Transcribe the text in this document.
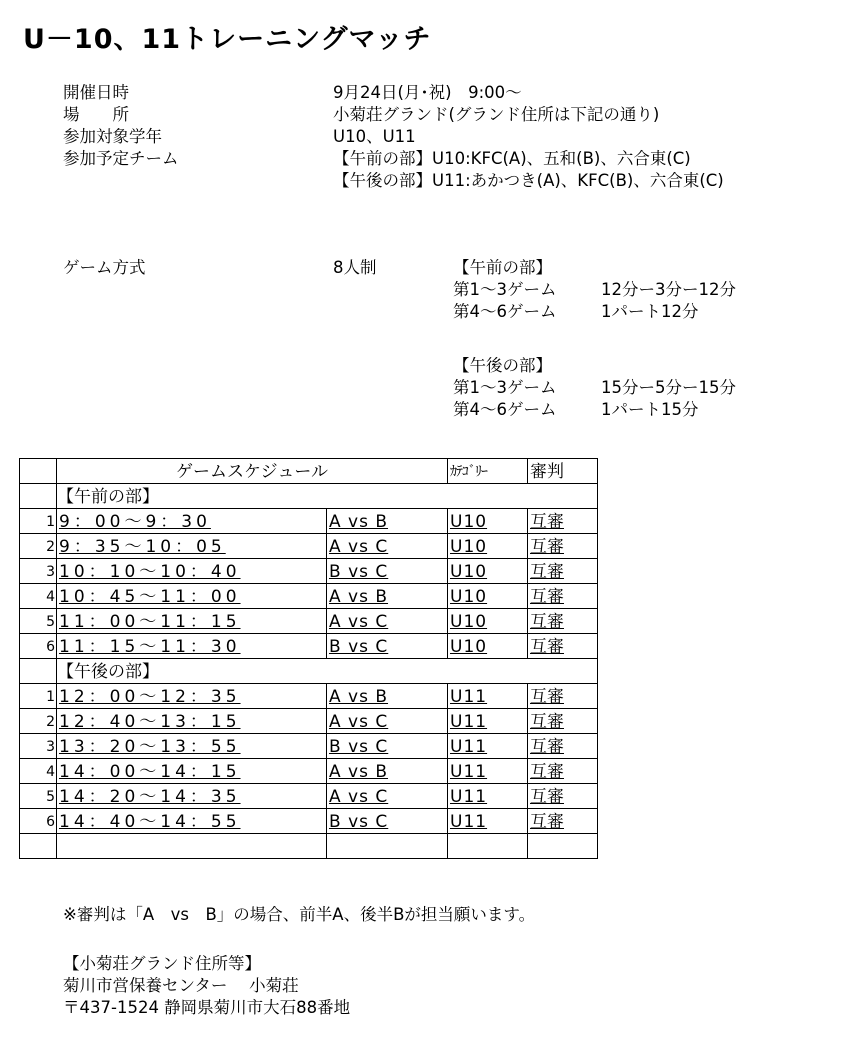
U－10、11トレーニングマッチ
開催日時	9月24日(月･祝)　9:00～
場　　所	小菊荘グランド(グランド住所は下記の通り)
参加対象学年	U10、U11
参加予定チーム	【午前の部】U10:KFC(A)、五和(B)、六合東(C)
【午後の部】U11:あかつき(A)、KFC(B)、六合東(C)
ゲーム方式	8人制	【午前の部】
第1～3ゲーム	12分ー3分ー12分
第4～6ゲーム	1パート12分
【午後の部】
第1～3ゲーム	15分ー5分ー15分
第4～6ゲーム	1パート15分
	ゲームスケジュール		ｶﾃｺﾞﾘｰ	審判
	【午前の部】			
1	9：00～9：30	A vs B	U10	互審
2	9：35～10：05	A vs C	U10	互審
3	10：10～10：40	B vs C	U10	互審
4	10：45～11：00	A vs B	U10	互審
5	11：00～11：15	A vs C	U10	互審
6	11：15～11：30	B vs C	U10	互審
	【午後の部】			
1	12：00～12：35	A vs B	U11	互審
2	12：40～13：15	A vs C	U11	互審
3	13：20～13：55	B vs C	U11	互審
4	14：00～14：15	A vs B	U11	互審
5	14：20～14：35	A vs C	U11	互審
6	14：40～14：55	B vs C	U11	互審

※審判は「A　vs　B」の場合、前半A、後半Bが担当願います。
【小菊荘グランド住所等】
菊川市営保養センター　 小菊荘
〒437-1524 静岡県菊川市大石88番地
